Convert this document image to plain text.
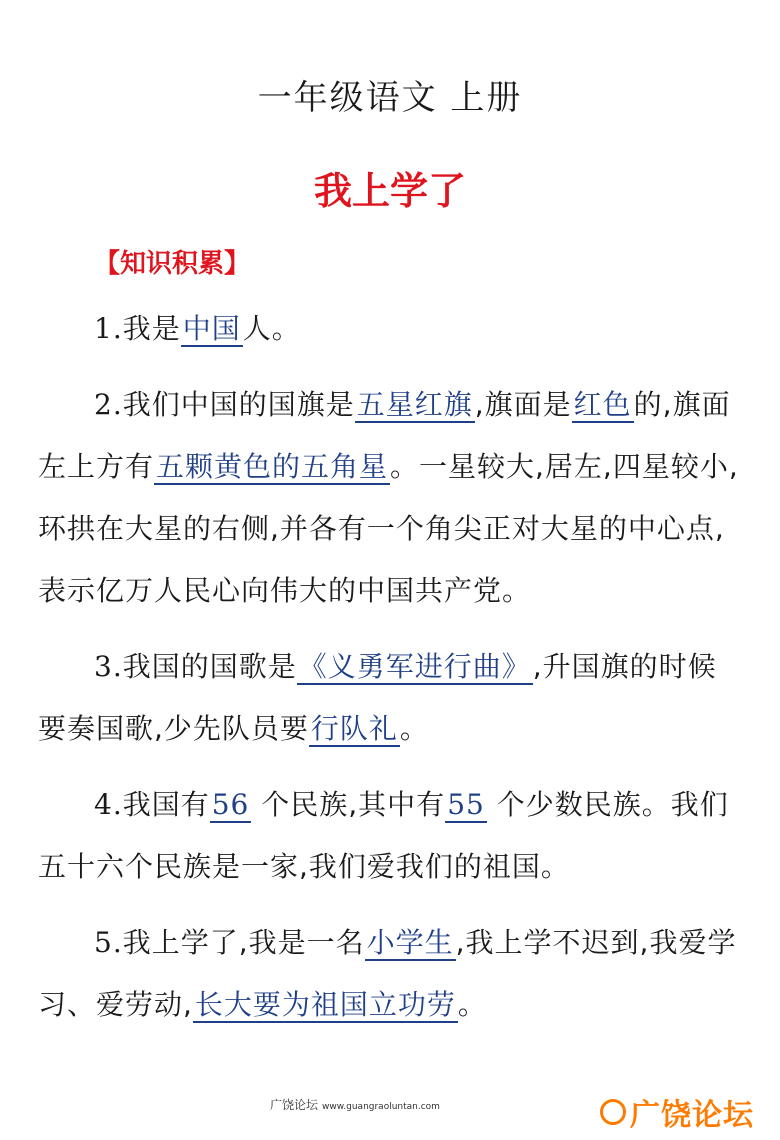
一年级语文 上册
我上学了
【知识积累】

1.我是中国人。

2.我们中国的国旗是五星红旗,旗面是红色的,旗面左上方有五颗黄色的五角星。一星较大,居左,四星较小,环拱在大星的右侧,并各有一个角尖正对大星的中心点,表示亿万人民心向伟大的中国共产党。

3.我国的国歌是《义勇军进行曲》,升国旗的时候要奏国歌,少先队员要行队礼。

4.我国有56 个民族,其中有55 个少数民族。我们五十六个民族是一家,我们爱我们的祖国。

5.我上学了,我是一名小学生,我上学不迟到,我爱学习、爱劳动,长大要为祖国立功劳。

广饶论坛 www.guangraoluntan.com	广饶论坛
